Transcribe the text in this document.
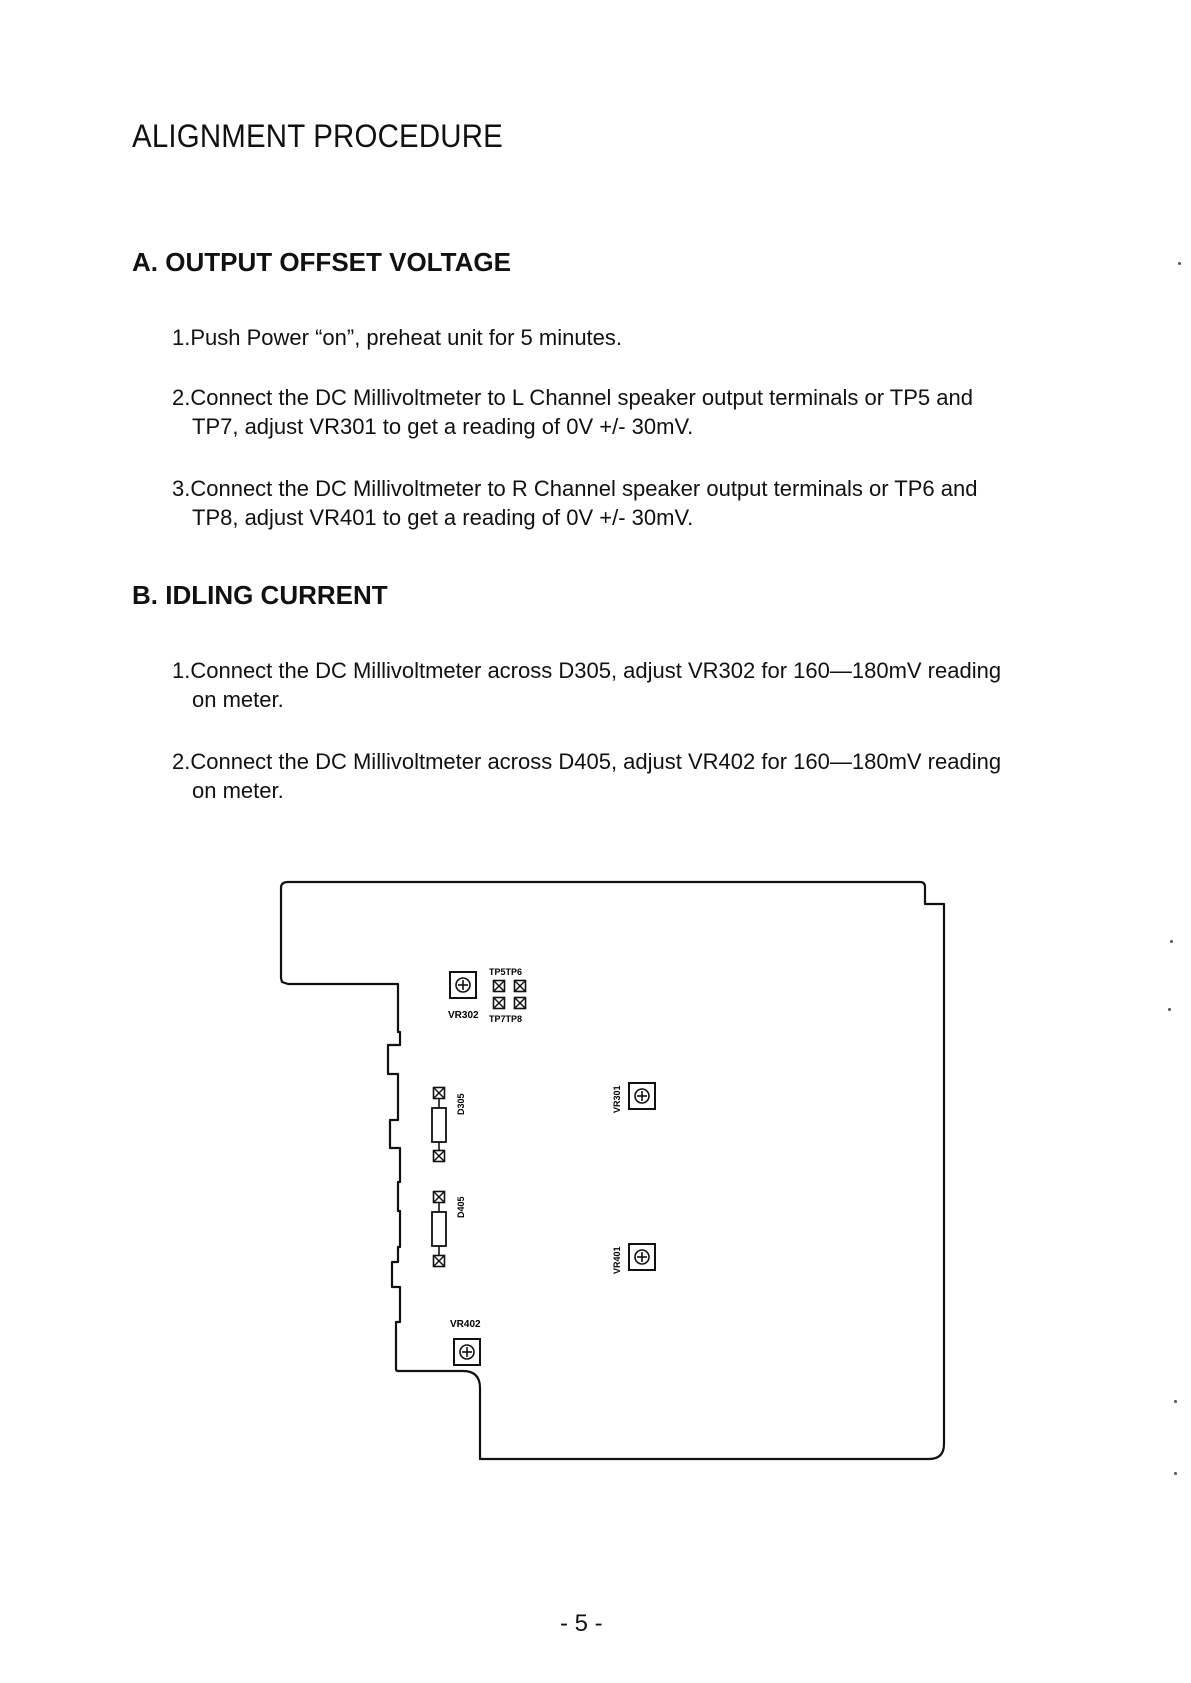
ALIGNMENT PROCEDURE
A. OUTPUT OFFSET VOLTAGE
1.Push Power “on”, preheat unit for 5 minutes.
2.Connect the DC Millivoltmeter to L Channel speaker output terminals or TP5 and
TP7, adjust VR301 to get a reading of 0V +/- 30mV.
3.Connect the DC Millivoltmeter to R Channel speaker output terminals or TP6 and
TP8, adjust VR401 to get a reading of 0V +/- 30mV.
B. IDLING CURRENT
1.Connect the DC Millivoltmeter across D305, adjust VR302 for 160—180mV reading
on meter.
2.Connect the DC Millivoltmeter across D405, adjust VR402 for 160—180mV reading
on meter.
VR302
TP5TP6
TP7TP8
D305
D405
VR301
VR401
VR402
- 5 -
